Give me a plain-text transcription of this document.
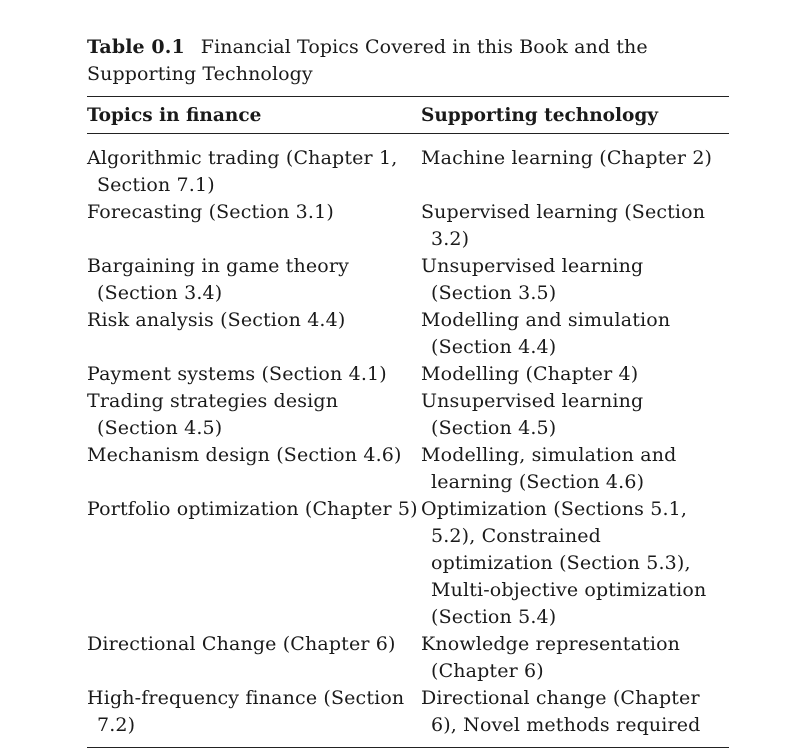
Table 0.1 Financial Topics Covered in this Book and the Supporting Technology

Topics in finance	Supporting technology

Algorithmic trading (Chapter 1, Section 7.1)	Machine learning (Chapter 2)

Forecasting (Section 3.1)	Supervised learning (Section 3.2)

Bargaining in game theory (Section 3.4)	Unsupervised learning (Section 3.5)

Risk analysis (Section 4.4)	Modelling and simulation (Section 4.4)

Payment systems (Section 4.1)	Modelling (Chapter 4)

Trading strategies design (Section 4.5)	Unsupervised learning (Section 4.5)

Mechanism design (Section 4.6)	Modelling, simulation and learning (Section 4.6)

Portfolio optimization (Chapter 5)	Optimization (Sections 5.1, 5.2), Constrained optimization (Section 5.3), Multi-objective optimization (Section 5.4)

Directional Change (Chapter 6)	Knowledge representation (Chapter 6)

High-frequency finance (Section 7.2)	Directional change (Chapter 6), Novel methods required
